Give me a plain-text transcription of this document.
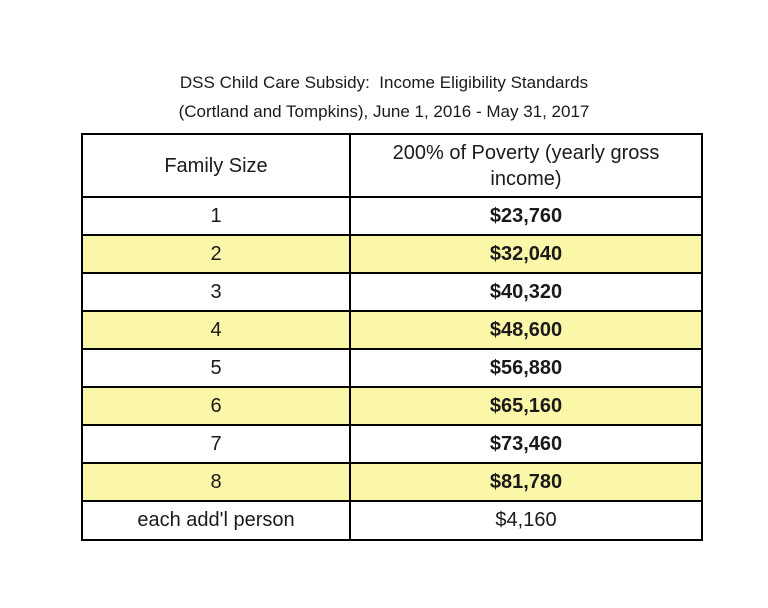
DSS Child Care Subsidy:  Income Eligibility Standards
(Cortland and Tompkins), June 1, 2016 - May 31, 2017
Family Size	200% of Poverty (yearly gross income)
1	$23,760
2	$32,040
3	$40,320
4	$48,600
5	$56,880
6	$65,160
7	$73,460
8	$81,780
each add'l person	$4,160
